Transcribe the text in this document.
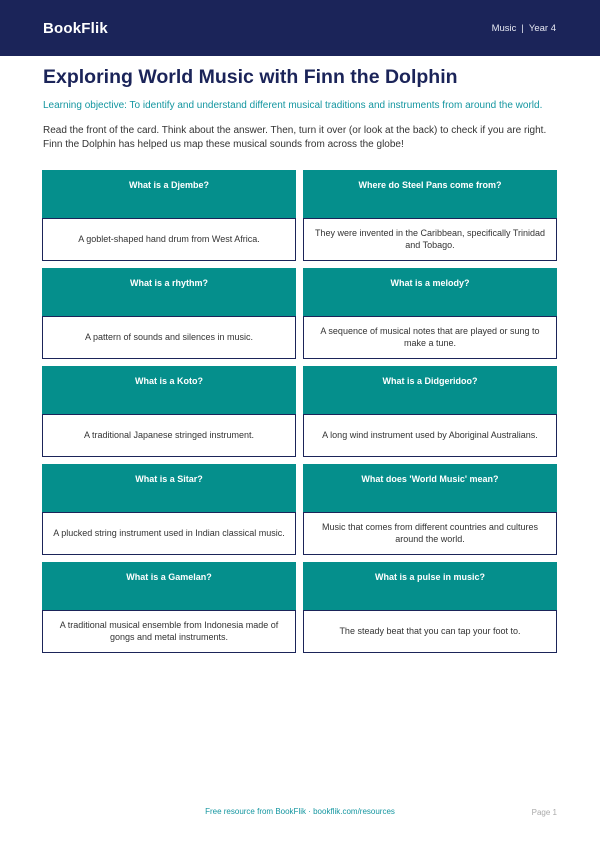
BookFlik	Music | Year 4
Exploring World Music with Finn the Dolphin

Learning objective: To identify and understand different musical traditions and instruments from around the world.

Read the front of the card. Think about the answer. Then, turn it over (or look at the back) to check if you are right. Finn the Dolphin has helped us map these musical sounds from across the globe!

What is a Djembe?
A goblet-shaped hand drum from West Africa.
Where do Steel Pans come from?
They were invented in the Caribbean, specifically Trinidad and Tobago.
What is a rhythm?
A pattern of sounds and silences in music.
What is a melody?
A sequence of musical notes that are played or sung to make a tune.
What is a Koto?
A traditional Japanese stringed instrument.
What is a Didgeridoo?
A long wind instrument used by Aboriginal Australians.
What is a Sitar?
A plucked string instrument used in Indian classical music.
What does 'World Music' mean?
Music that comes from different countries and cultures around the world.
What is a Gamelan?
A traditional musical ensemble from Indonesia made of gongs and metal instruments.
What is a pulse in music?
The steady beat that you can tap your foot to.
Free resource from BookFlik · bookflik.com/resources	Page 1
